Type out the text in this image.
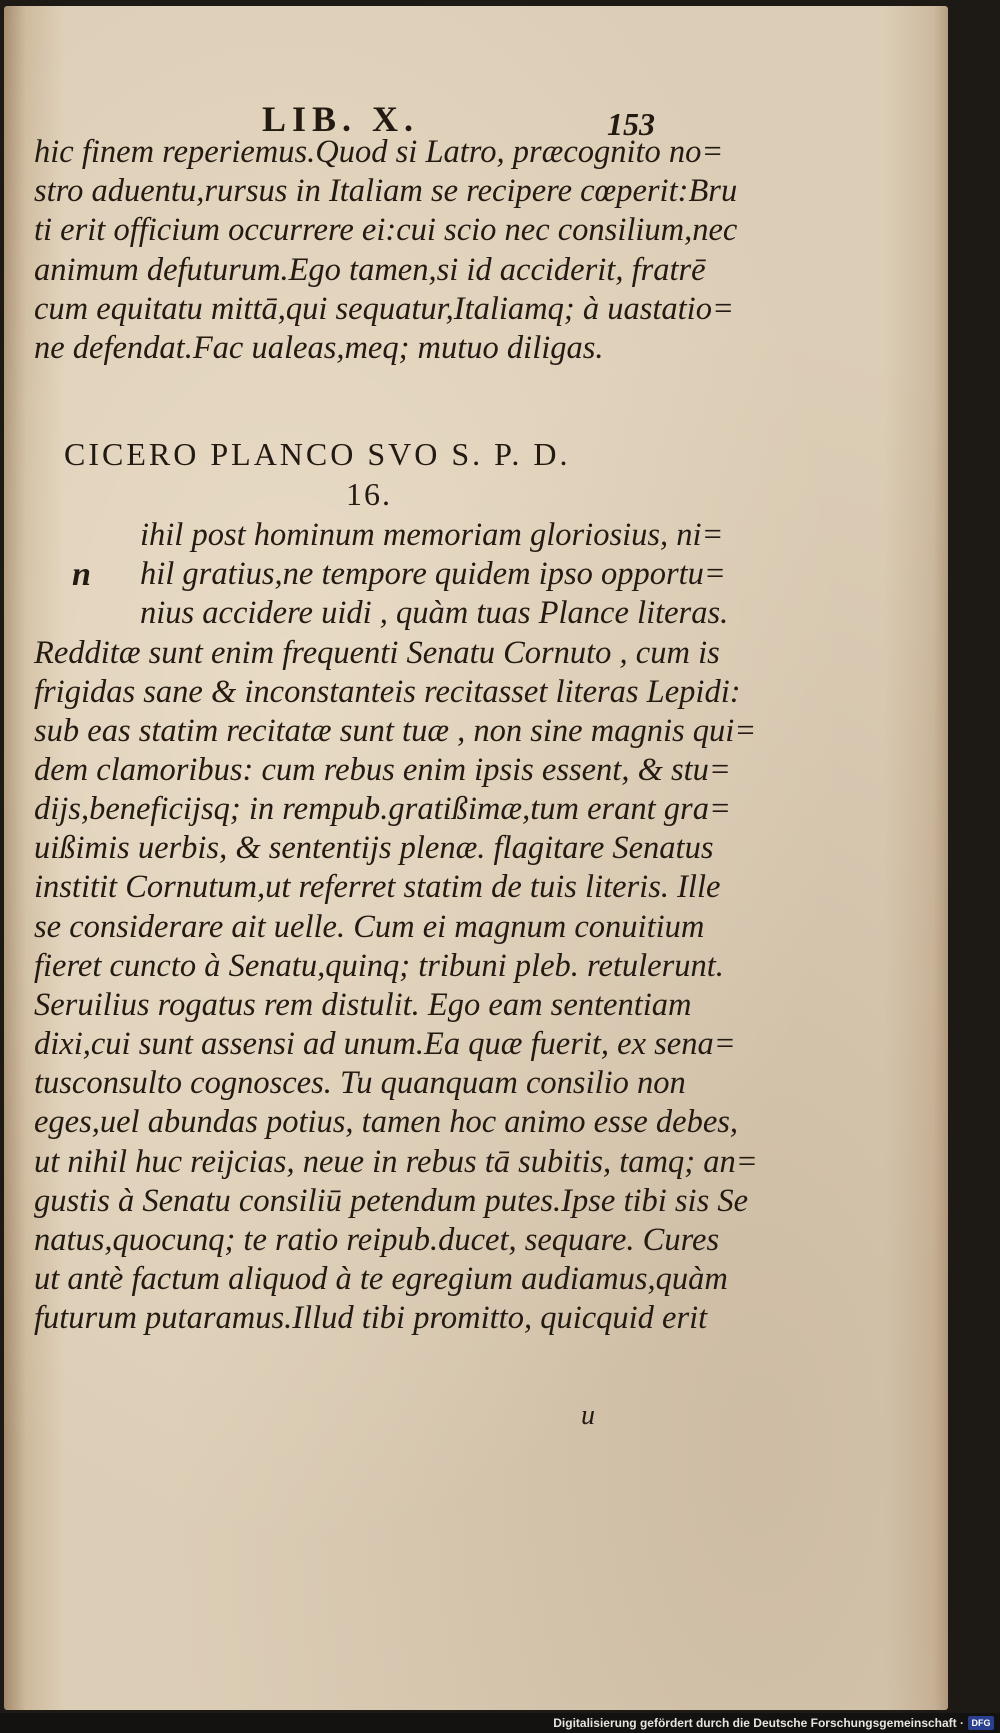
LIB. X.	153
hic finem reperiemus.Quod si Latro, præcognito no=
stro aduentu,rursus in Italiam se recipere cœperit:Bru
ti erit officium occurrere ei:cui scio nec consilium,nec
animum defuturum.Ego tamen,si id acciderit, fratrē
cum equitatu mittā,qui sequatur,Italiamq; à uastatio=
ne defendat.Fac ualeas,meq; mutuo diligas.
CICERO PLANCO SVO S. P. D.
16.
n
ihil post hominum memoriam gloriosius, ni=
hil gratius,ne tempore quidem ipso opportu=
nius accidere uidi , quàm tuas Plance literas.
Redditæ sunt enim frequenti Senatu Cornuto , cum is
frigidas sane & inconstanteis recitasset literas Lepidi:
sub eas statim recitatæ sunt tuæ , non sine magnis qui=
dem clamoribus: cum rebus enim ipsis essent, & stu=
dijs,beneficijsq; in rempub.gratißimæ,tum erant gra=
uißimis uerbis, & sententijs plenæ. flagitare Senatus
institit Cornutum,ut referret statim de tuis literis. Ille
se considerare ait uelle. Cum ei magnum conuitium
fieret cuncto à Senatu,quinq; tribuni pleb. retulerunt.
Seruilius rogatus rem distulit. Ego eam sententiam
dixi,cui sunt assensi ad unum.Ea quæ fuerit, ex sena=
tusconsulto cognosces. Tu quanquam consilio non
eges,uel abundas potius, tamen hoc animo esse debes,
ut nihil huc reijcias, neue in rebus tā subitis, tamq; an=
gustis à Senatu consiliū petendum putes.Ipse tibi sis Se
natus,quocunq; te ratio reipub.ducet, sequare. Cures
ut antè factum aliquod à te egregium audiamus,quàm
futurum putaramus.Illud tibi promitto, quicquid erit
u
Digitalisierung gefördert durch die Deutsche Forschungsgemeinschaft · DFG
